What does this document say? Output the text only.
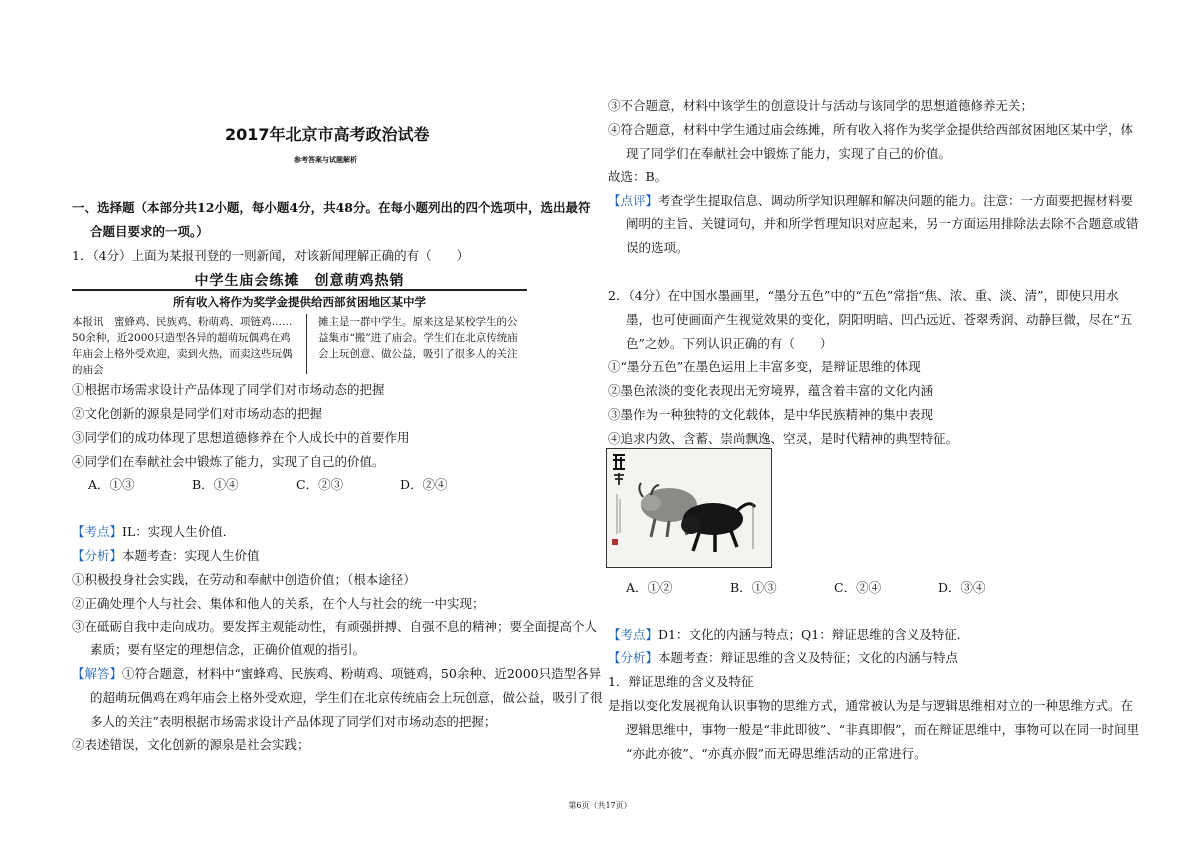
2017年北京市高考政治试卷
参考答案与试题解析
一、选择题（本部分共12小题，每小题4分，共48分。在每小题列出的四个选项中，选出最符
合题目要求的一项。）
1．（4分）上面为某报刊登的一则新闻，对该新闻理解正确的有（　　）
中学生庙会练摊　创意萌鸡热销
所有收入将作为奖学金提供给西部贫困地区某中学
本报讯　蜜蜂鸡、民族鸡、粉萌鸡、项链鸡……50余种，近2000只造型各异的超萌玩偶鸡在鸡年庙会上格外受欢迎，卖到火热，而卖这些玩偶的庙会
摊主是一群中学生。原来这是某校学生的公益集市“搬”进了庙会。学生们在北京传统庙会上玩创意、做公益，吸引了很多人的关注
①根据市场需求设计产品体现了同学们对市场动态的把握
②文化创新的源泉是同学们对市场动态的把握
③同学们的成功体现了思想道德修养在个人成长中的首要作用
④同学们在奉献社会中锻炼了能力，实现了自己的价值。
A．①③	B．①④	C．②③	D．②④
【考点】IL：实现人生价值．
【分析】本题考查：实现人生价值
①积极投身社会实践，在劳动和奉献中创造价值；（根本途径）
②正确处理个人与社会、集体和他人的关系，在个人与社会的统一中实现；
③在砥砺自我中走向成功。要发挥主观能动性，有顽强拼搏、自强不息的精神；要全面提高个人
素质；要有坚定的理想信念，正确价值观的指引。
【解答】①符合题意，材料中“蜜蜂鸡、民族鸡、粉萌鸡、项链鸡，50余种、近2000只造型各异
的超萌玩偶鸡在鸡年庙会上格外受欢迎，学生们在北京传统庙会上玩创意，做公益，吸引了很
多人的关注”表明根据市场需求设计产品体现了同学们对市场动态的把握；
②表述错误，文化创新的源泉是社会实践；
③不合题意，材料中该学生的创意设计与活动与该同学的思想道德修养无关；
④符合题意，材料中学生通过庙会练摊，所有收入将作为奖学金提供给西部贫困地区某中学，体
现了同学们在奉献社会中锻炼了能力，实现了自己的价值。
故选：B。
【点评】考查学生提取信息、调动所学知识理解和解决问题的能力。注意：一方面要把握材料要
阐明的主旨、关键词句，并和所学哲理知识对应起来，另一方面运用排除法去除不合题意或错
误的选项。
2．（4分）在中国水墨画里，“墨分五色”中的“五色”常指“焦、浓、重、淡、清”，即使只用水
墨，也可使画面产生视觉效果的变化，阴阳明暗、凹凸远近、苍翠秀润、动静巨微，尽在“五
色”之妙。下列认识正确的有（　　）
①“墨分五色”在墨色运用上丰富多变，是辩证思维的体现
②墨色浓淡的变化表现出无穷境界，蕴含着丰富的文化内涵
③墨作为一种独特的文化载体，是中华民族精神的集中表现
④追求内敛、含蓄、崇尚飘逸、空灵，是时代精神的典型特征。
A．①②	B．①③	C．②④	D．③④
【考点】D1：文化的内涵与特点；Q1：辩证思维的含义及特征．
【分析】本题考查：辩证思维的含义及特征；文化的内涵与特点
1．辩证思维的含义及特征
是指以变化发展视角认识事物的思维方式，通常被认为是与逻辑思维相对立的一种思维方式。在
逻辑思维中，事物一般是“非此即彼”、“非真即假”，而在辩证思维中，事物可以在同一时间里
“亦此亦彼”、“亦真亦假”而无碍思维活动的正常进行。
第6页（共17页）
